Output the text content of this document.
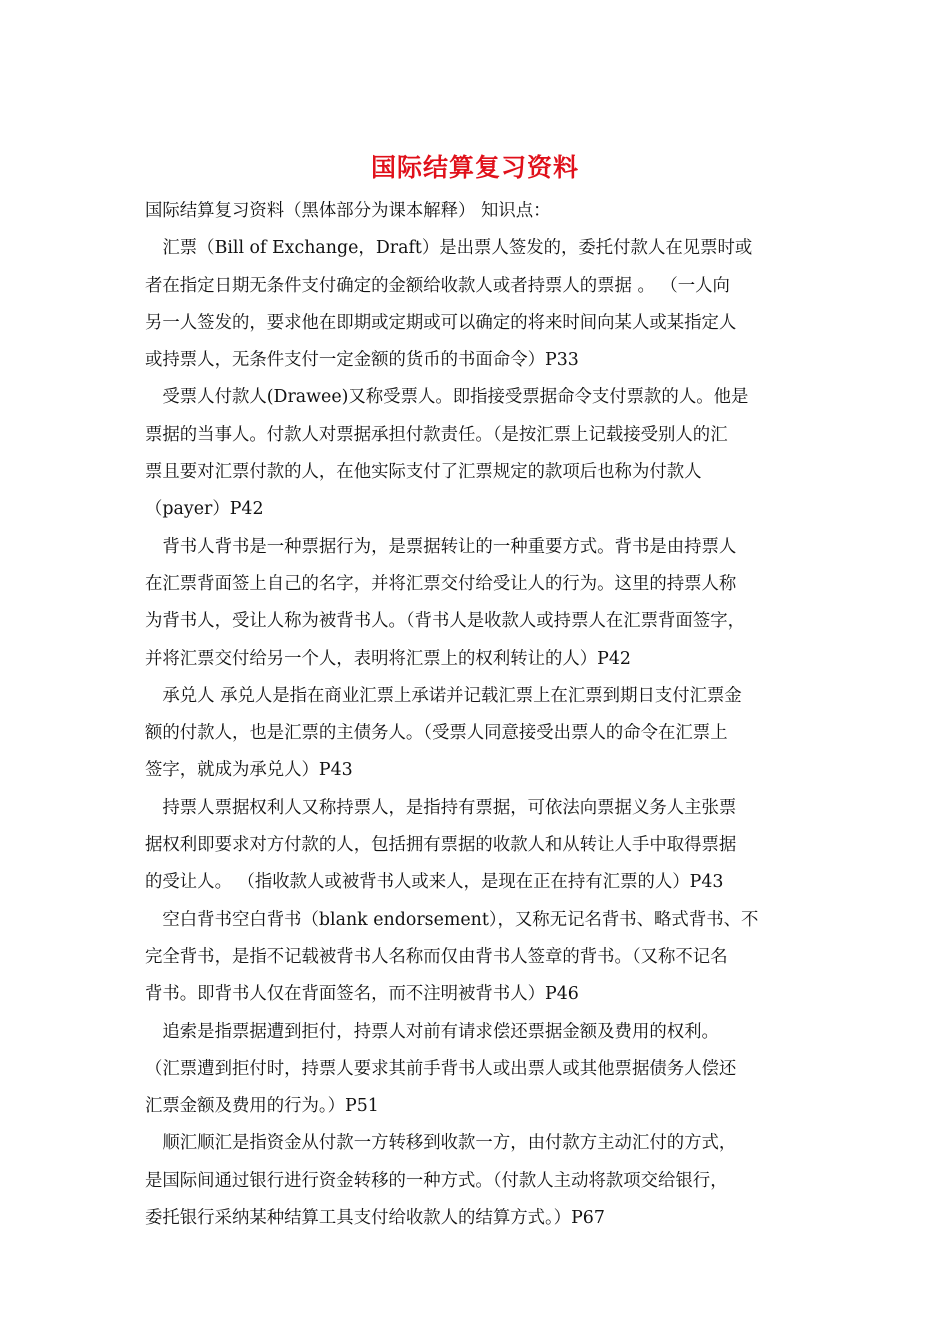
国际结算复习资料
国际结算复习资料（黑体部分为课本解释） 知识点：
　汇票（Bill of Exchange，Draft）是出票人签发的，委托付款人在见票时或
者在指定日期无条件支付确定的金额给收款人或者持票人的票据 。 （一人向
另一人签发的，要求他在即期或定期或可以确定的将来时间向某人或某指定人
或持票人，无条件支付一定金额的货币的书面命令）P33
　受票人付款人(Drawee)又称受票人。即指接受票据命令支付票款的人。他是
票据的当事人。付款人对票据承担付款责任。（是按汇票上记载接受别人的汇
票且要对汇票付款的人，在他实际支付了汇票规定的款项后也称为付款人
（payer）P42
　背书人背书是一种票据行为，是票据转让的一种重要方式。背书是由持票人
在汇票背面签上自己的名字，并将汇票交付给受让人的行为。这里的持票人称
为背书人，受让人称为被背书人。（背书人是收款人或持票人在汇票背面签字，
并将汇票交付给另一个人，表明将汇票上的权利转让的人）P42
　承兑人 承兑人是指在商业汇票上承诺并记载汇票上在汇票到期日支付汇票金
额的付款人，也是汇票的主债务人。（受票人同意接受出票人的命令在汇票上
签字，就成为承兑人）P43
　持票人票据权利人又称持票人，是指持有票据，可依法向票据义务人主张票
据权利即要求对方付款的人，包括拥有票据的收款人和从转让人手中取得票据
的受让人。 （指收款人或被背书人或来人，是现在正在持有汇票的人）P43
　空白背书空白背书（blank endorsement），又称无记名背书、略式背书、不
完全背书，是指不记载被背书人名称而仅由背书人签章的背书。（又称不记名
背书。即背书人仅在背面签名，而不注明被背书人）P46
　追索是指票据遭到拒付，持票人对前有请求偿还票据金额及费用的权利。
（汇票遭到拒付时，持票人要求其前手背书人或出票人或其他票据债务人偿还
汇票金额及费用的行为。）P51
　顺汇顺汇是指资金从付款一方转移到收款一方，由付款方主动汇付的方式，
是国际间通过银行进行资金转移的一种方式。（付款人主动将款项交给银行，
委托银行采纳某种结算工具支付给收款人的结算方式。）P67
